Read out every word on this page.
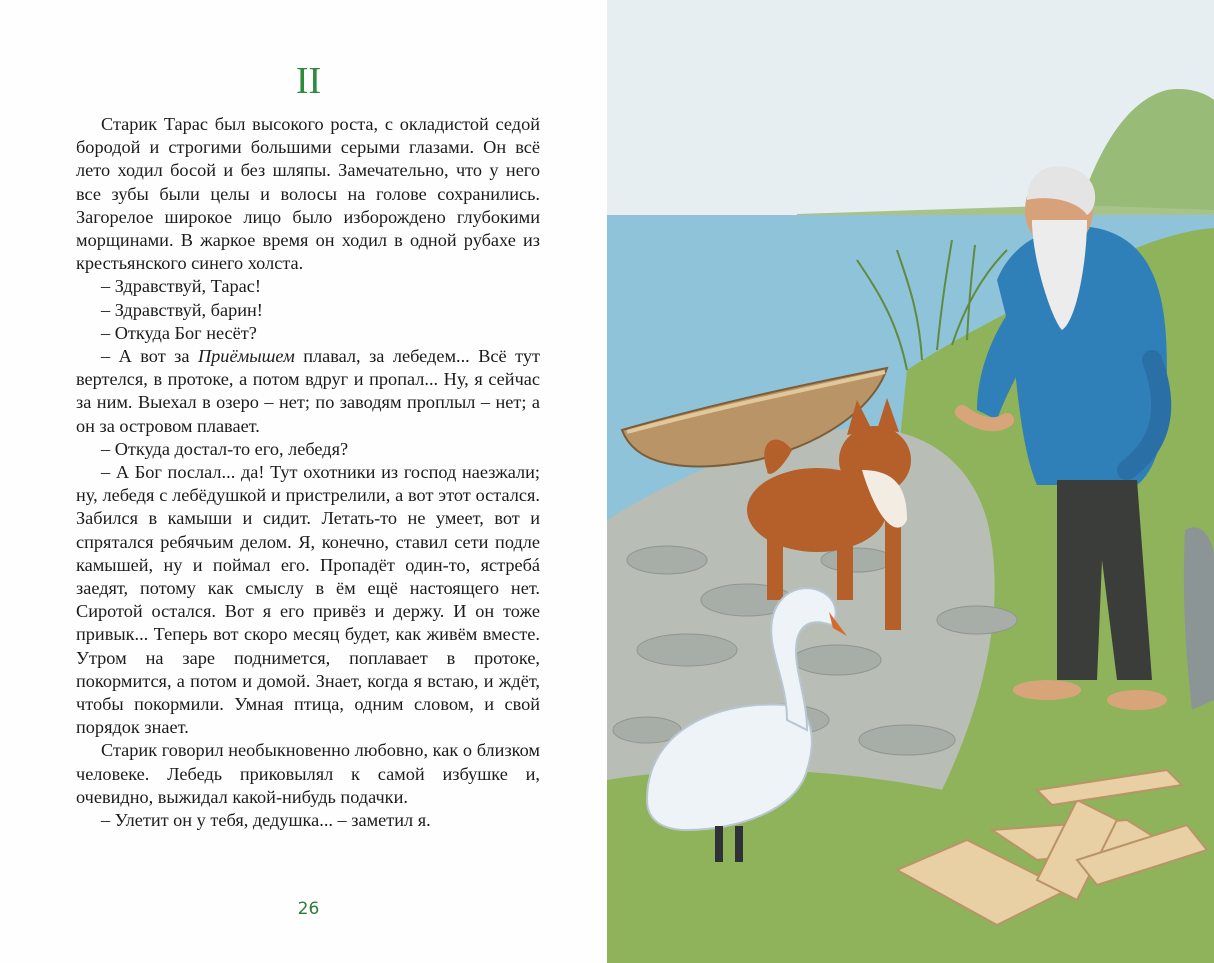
II

Старик Тарас был высокого роста, с окладистой седой бородой и строгими большими серыми глазами. Он всё лето ходил босой и без шляпы. Замечательно, что у него все зубы были целы и волосы на голове сохранились. Загорелое широкое лицо было изборождено глубокими морщинами. В жаркое время он ходил в одной рубахе из крестьянского синего холста.

– Здравствуй, Тарас!

– Здравствуй, барин!

– Откуда Бог несёт?

– А вот за Приёмышем плавал, за лебедем... Всё тут вертелся, в протоке, а потом вдруг и пропал... Ну, я сейчас за ним. Выехал в озеро – нет; по заводям проплыл – нет; а он за островом плавает.

– Откуда достал-то его, лебедя?

– А Бог послал... да! Тут охотники из господ наезжали; ну, лебедя с лебёдушкой и пристрелили, а вот этот остался. Забился в камыши и сидит. Летать-то не умеет, вот и спрятался ребячьим делом. Я, конечно, ставил сети подле камышей, ну и поймал его. Пропадёт один-то, ястребá заедят, потому как смыслу в ём ещё настоящего нет. Сиротой остался. Вот я его привёз и держу. И он тоже привык... Теперь вот скоро месяц будет, как живём вместе. Утром на заре поднимется, поплавает в протоке, покормится, а потом и домой. Знает, когда я встаю, и ждёт, чтобы покормили. Умная птица, одним словом, и свой порядок знает.

Старик говорил необыкновенно любовно, как о близком человеке. Лебедь приковылял к самой избушке и, очевидно, выжидал какой-нибудь подачки.

– Улетит он у тебя, дедушка... – заметил я.

26
